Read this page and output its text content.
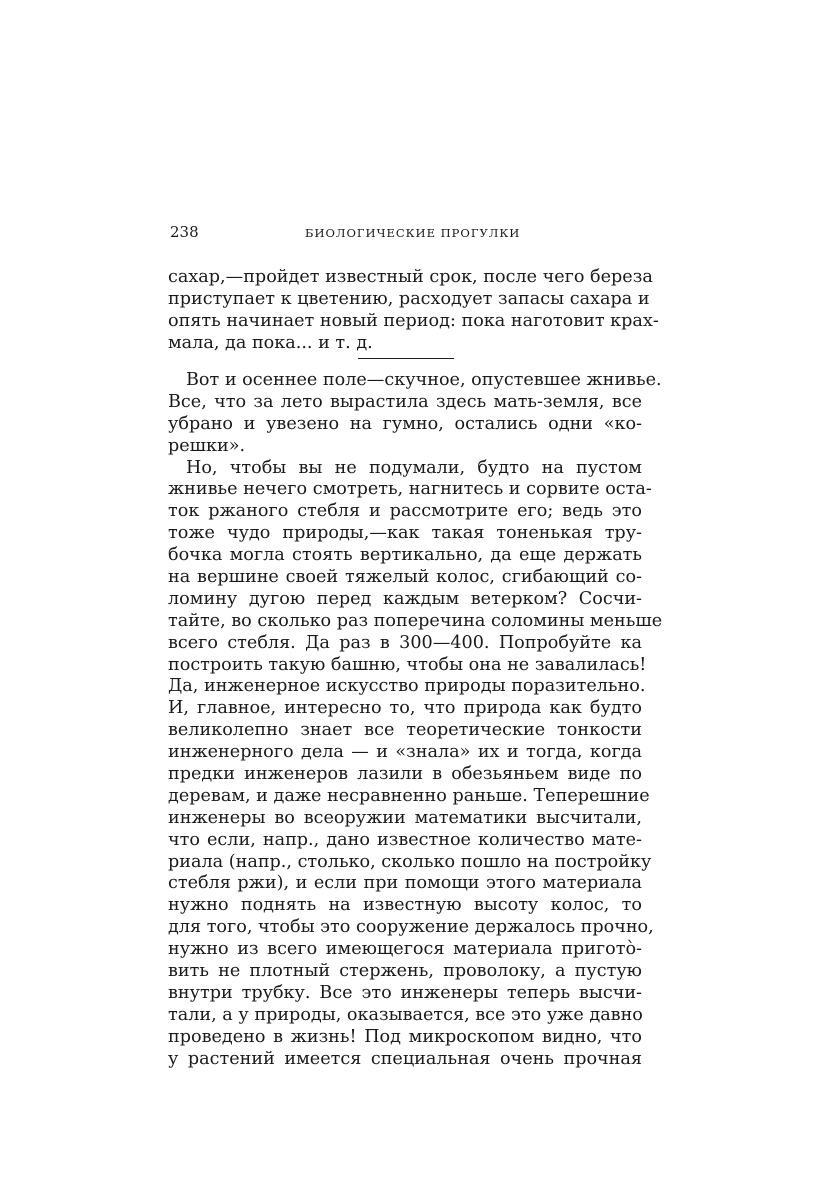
238	БИОЛОГИЧЕСКИЕ ПРОГУЛКИ
сахар,—пройдет известный срок, после чего береза
приступает к цветению, расходует запасы сахара и
опять начинает новый период: пока наготовит крах-
мала, да пока... и т. д.
Вот и осеннее поле—скучное, опустевшее жнивье.
Все, что за лето вырастила здесь мать-земля, все
убрано и увезено на гумно, остались одни «ко-
решки».
Но, чтобы вы не подумали, будто на пустом
жнивье нечего смотреть, нагнитесь и сорвите оста-
ток ржаного стебля и рассмотрите его; ведь это
тоже чудо природы,—как такая тоненькая тру-
бочка могла стоять вертикально, да еще держать
на вершине своей тяжелый колос, сгибающий со-
ломину дугою перед каждым ветерком? Сосчи-
тайте, во сколько раз поперечина соломины меньше
всего стебля. Да раз в 300—400. Попробуйте ка
построить такую башню, чтобы она не завалилась!
Да, инженерное искусство природы поразительно.
И, главное, интересно то, что природа как будто
великолепно знает все теоретические тонкости
инженерного дела — и «знала» их и тогда, когда
предки инженеров лазили в обезьяньем виде по
деревам, и даже несравненно раньше. Теперешние
инженеры во всеоружии математики высчитали,
что если, напр., дано известное количество мате-
риала (напр., столько, сколько пошло на постройку
стебля ржи), и если при помощи этого материала
нужно поднять на известную высоту колос, то
для того, чтобы это сооружение держалось прочно,
нужно из всего имеющегося материала приготò-
вить не плотный стержень, проволоку, а пустую
внутри трубку. Все это инженеры теперь высчи-
тали, а у природы, оказывается, все это уже давно
проведено в жизнь! Под микроскопом видно, что
у растений имеется специальная очень прочная
